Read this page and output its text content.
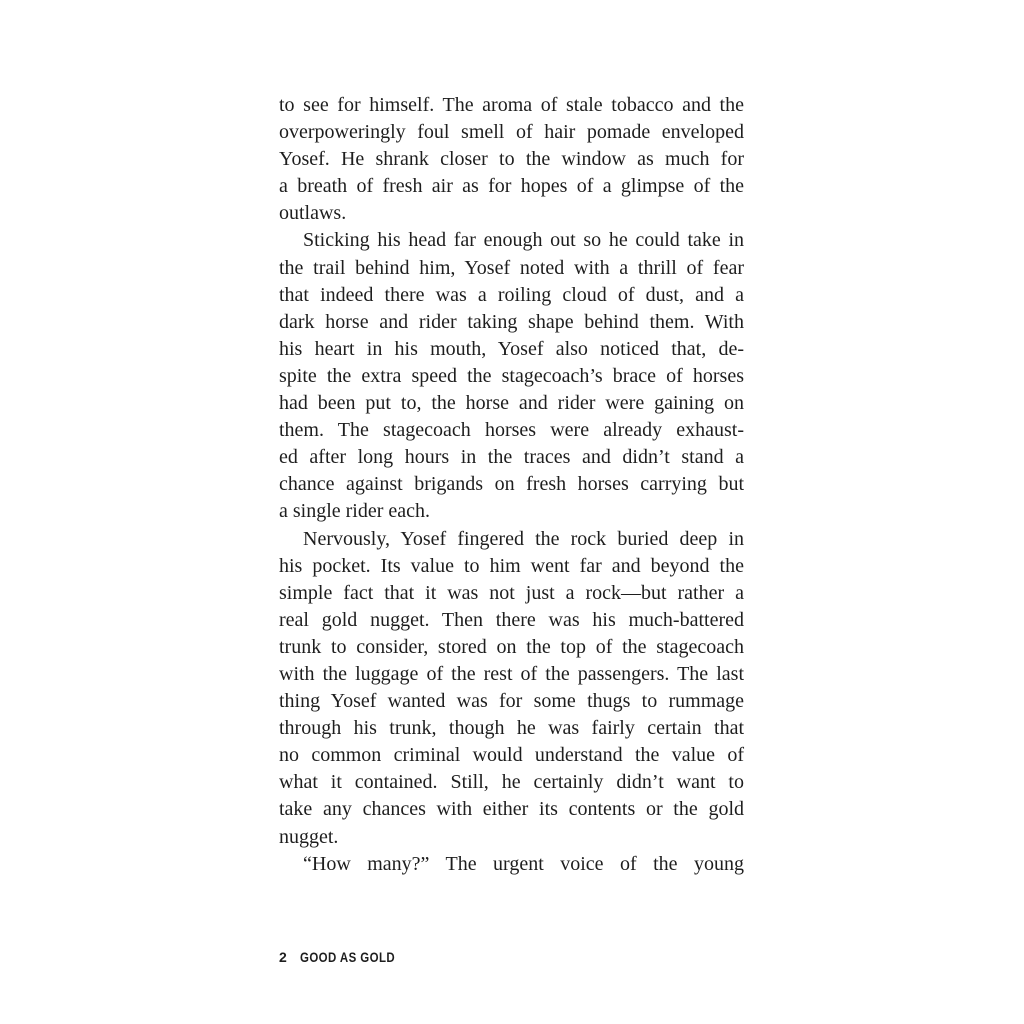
to see for himself. The aroma of stale tobacco and the
overpoweringly foul smell of hair pomade enveloped
Yosef. He shrank closer to the window as much for
a breath of fresh air as for hopes of a glimpse of the
outlaws.
Sticking his head far enough out so he could take in
the trail behind him, Yosef noted with a thrill of fear
that indeed there was a roiling cloud of dust, and a
dark horse and rider taking shape behind them. With
his heart in his mouth, Yosef also noticed that, de-
spite the extra speed the stagecoach’s brace of horses
had been put to, the horse and rider were gaining on
them. The stagecoach horses were already exhaust-
ed after long hours in the traces and didn’t stand a
chance against brigands on fresh horses carrying but
a single rider each.
Nervously, Yosef fingered the rock buried deep in
his pocket. Its value to him went far and beyond the
simple fact that it was not just a rock—but rather a
real gold nugget. Then there was his much-battered
trunk to consider, stored on the top of the stagecoach
with the luggage of the rest of the passengers. The last
thing Yosef wanted was for some thugs to rummage
through his trunk, though he was fairly certain that
no common criminal would understand the value of
what it contained. Still, he certainly didn’t want to
take any chances with either its contents or the gold
nugget.
“How many?” The urgent voice of the young
2 GOOD AS GOLD
